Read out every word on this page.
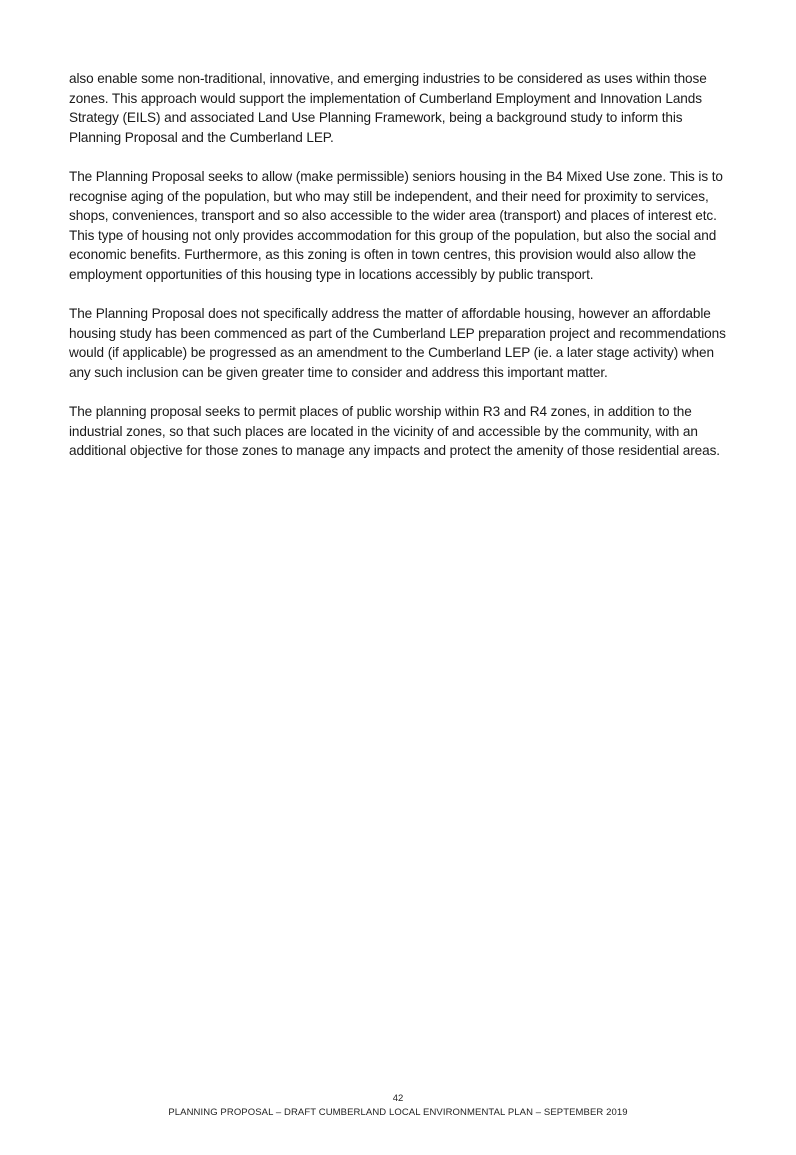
also enable some non-traditional, innovative, and emerging industries to be considered as uses within those zones. This approach would support the implementation of Cumberland Employment and Innovation Lands Strategy (EILS) and associated Land Use Planning Framework, being a background study to inform this Planning Proposal and the Cumberland LEP.

The Planning Proposal seeks to allow (make permissible) seniors housing in the B4 Mixed Use zone. This is to recognise aging of the population, but who may still be independent, and their need for proximity to services, shops, conveniences, transport and so also accessible to the wider area (transport) and places of interest etc. This type of housing not only provides accommodation for this group of the population, but also the social and economic benefits. Furthermore, as this zoning is often in town centres, this provision would also allow the employment opportunities of this housing type in locations accessibly by public transport.

The Planning Proposal does not specifically address the matter of affordable housing, however an affordable housing study has been commenced as part of the Cumberland LEP preparation project and recommendations would (if applicable) be progressed as an amendment to the Cumberland LEP (ie. a later stage activity) when any such inclusion can be given greater time to consider and address this important matter.

The planning proposal seeks to permit places of public worship within R3 and R4 zones, in addition to the industrial zones, so that such places are located in the vicinity of and accessible by the community, with an additional objective for those zones to manage any impacts and protect the amenity of those residential areas.

42
PLANNING PROPOSAL – DRAFT CUMBERLAND LOCAL ENVIRONMENTAL PLAN – SEPTEMBER 2019
